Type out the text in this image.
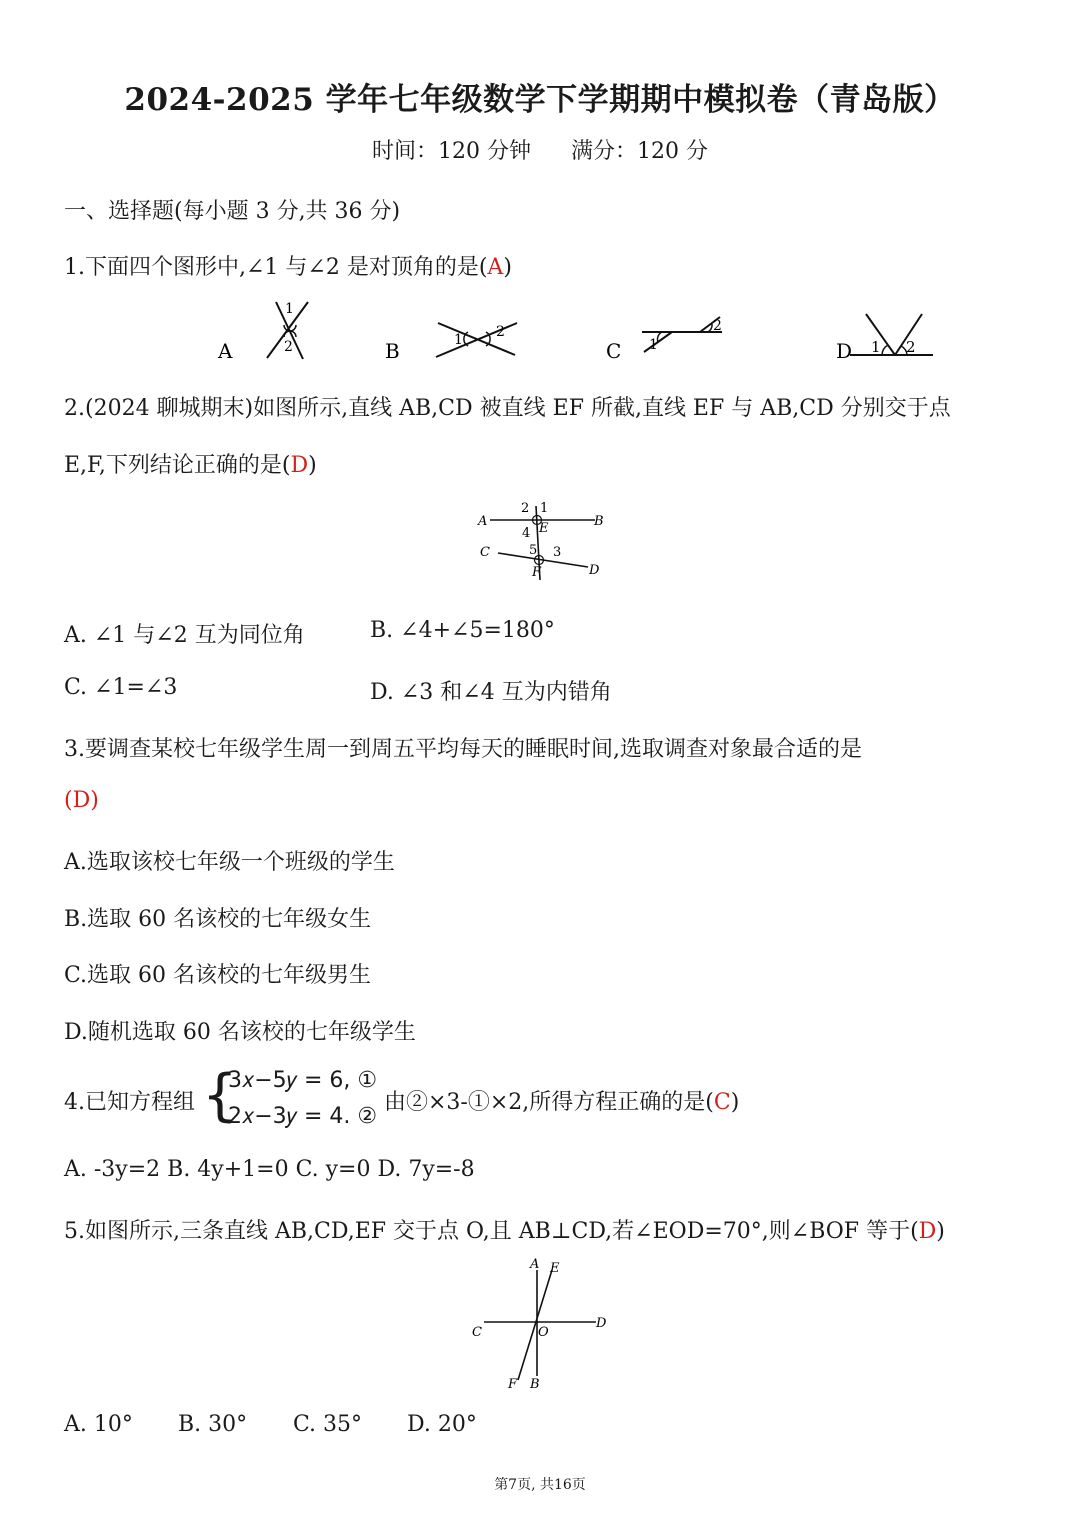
2024-2025 学年七年级数学下学期期中模拟卷（青岛版）
时间：120 分钟 满分：120 分
一、选择题(每小题 3 分,共 36 分)
1.下面四个图形中,∠1 与∠2 是对顶角的是(A)
A
1
2	B	1 2
C 1
2
D 1 2
2.(2024 聊城期末)如图所示,直线 AB,CD 被直线 EF 所截,直线 EF 与 AB,CD 分别交于点
E,F,下列结论正确的是(D)
A	B
C
D
E
F
1
2
3
4
5
A. ∠1 与∠2 互为同位角	B. ∠4+∠5=180°
C. ∠1=∠3	D. ∠3 和∠4 互为内错角
3.要调查某校七年级学生周一到周五平均每天的睡眠时间,选取调查对象最合适的是
(D)
A.选取该校七年级一个班级的学生
B.选取 60 名该校的七年级女生
C.选取 60 名该校的七年级男生
D.随机选取 60 名该校的七年级学生
4.已知方程组 {
3𝑥−5𝑦 = 6, ①
2𝑥−3𝑦 = 4. ②
由②×3-①×2,所得方程正确的是(C)
A. -3y=2 B. 4y+1=0 C. y=0 D. 7y=-8
5.如图所示,三条直线 AB,CD,EF 交于点 O,且 AB⊥CD,若∠EOD=70°,则∠BOF 等于(D)
A E
C
D
O
F B
A. 10° B. 30° C. 35° D. 20°
第7页, 共16页
